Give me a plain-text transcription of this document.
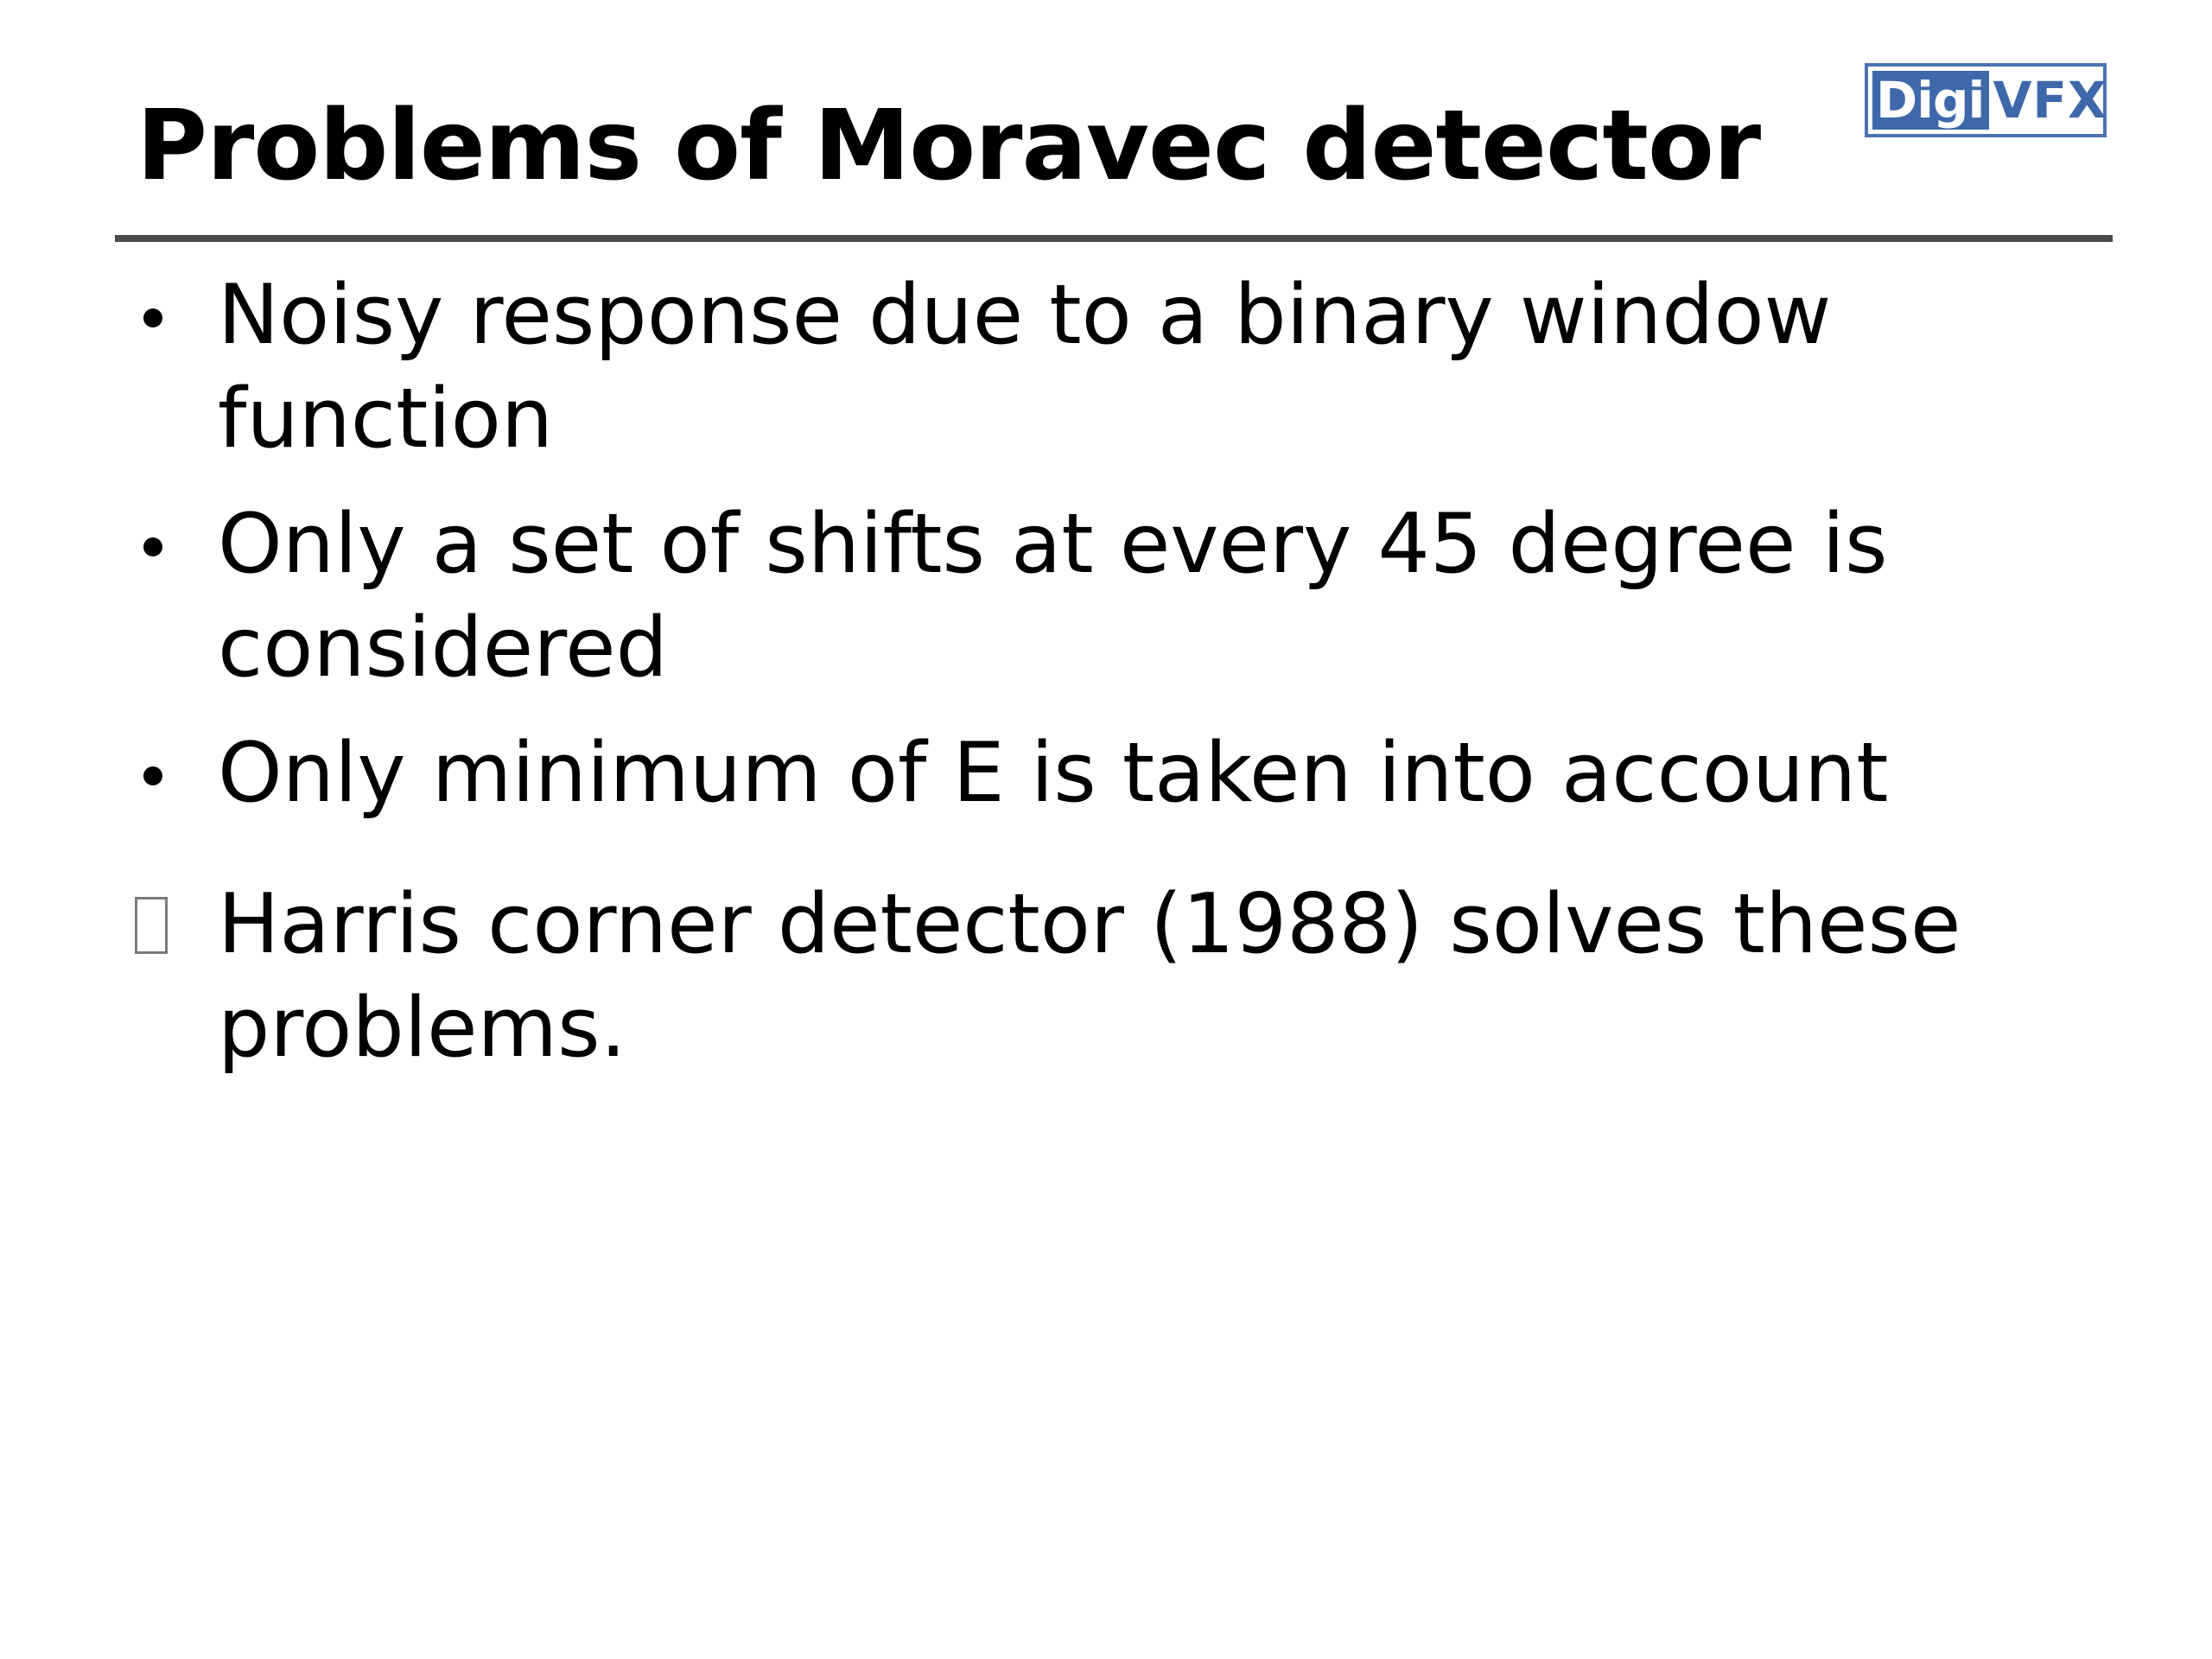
Problems of Moravec detector Digi VFX
Noisy response due to a binary window function
Only a set of shifts at every 45 degree is considered
Only minimum of E is taken into account
Harris corner detector (1988) solves these problems.
